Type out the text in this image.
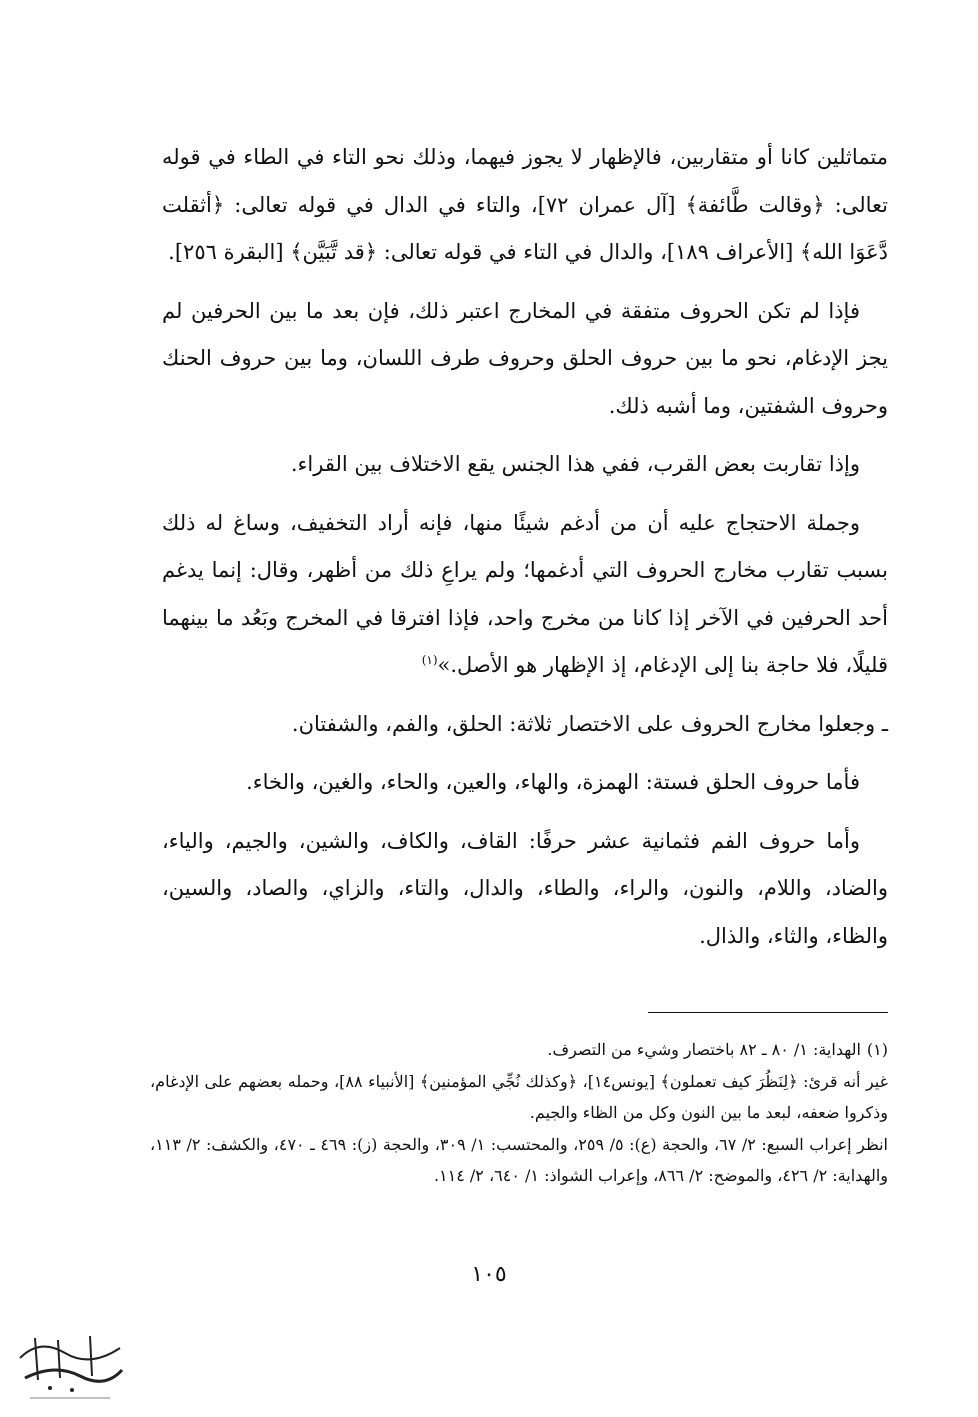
متماثلين كانا أو متقاربين، فالإظهار لا يجوز فيهما، وذلك نحو التاء في الطاء في قوله تعالى: ﴿وقالت طَّائفة﴾ [آل عمران ٧٢]، والتاء في الدال في قوله تعالى: ﴿أثقلت دَّعَوَا الله﴾ [الأعراف ١٨٩]، والدال في التاء في قوله تعالى: ﴿قد تَّبَيَّن﴾ [البقرة ٢٥٦].

فإذا لم تكن الحروف متفقة في المخارج اعتبر ذلك، فإن بعد ما بين الحرفين لم يجز الإدغام، نحو ما بين حروف الحلق وحروف طرف اللسان، وما بين حروف الحنك وحروف الشفتين، وما أشبه ذلك.

وإذا تقاربت بعض القرب، ففي هذا الجنس يقع الاختلاف بين القراء.

وجملة الاحتجاج عليه أن من أدغم شيئًا منها، فإنه أراد التخفيف، وساغ له ذلك بسبب تقارب مخارج الحروف التي أدغمها؛ ولم يراعِ ذلك من أظهر، وقال: إنما يدغم أحد الحرفين في الآخر إذا كانا من مخرج واحد، فإذا افترقا في المخرج وبَعُد ما بينهما قليلًا، فلا حاجة بنا إلى الإدغام، إذ الإظهار هو الأصل.»$^{(١)}$

ـ وجعلوا مخارج الحروف على الاختصار ثلاثة: الحلق، والفم، والشفتان.

فأما حروف الحلق فستة: الهمزة، والهاء، والعين، والحاء، والغين، والخاء.

وأما حروف الفم فثمانية عشر حرفًا: القاف، والكاف، والشين، والجيم، والياء، والضاد، واللام، والنون، والراء، والطاء، والدال، والتاء، والزاي، والصاد، والسين، والظاء، والثاء، والذال.

(١)الهداية: ١/ ٨٠ ـ ٨٢ باختصار وشيء من التصرف.

غير أنه قرئ: ﴿لِنَظُرَ كيف تعملون﴾ [يونس١٤]، ﴿وكذلك نُجِّي المؤمنين﴾ [الأنبياء ٨٨]، وحمله بعضهم على الإدغام، وذكروا ضعفه، لبعد ما بين النون وكل من الظاء والجيم.

انظر إعراب السبع: ٢/ ٦٧، والحجة (ع): ٥/ ٢٥٩، والمحتسب: ١/ ٣٠٩، والحجة (ز): ٤٦٩ ـ ٤٧٠، والكشف: ٢/ ١١٣، والهداية: ٢/ ٤٢٦، والموضح: ٢/ ٨٦٦، وإعراب الشواذ: ١/ ٦٤٠، ٢/ ١١٤.

١٠٥
